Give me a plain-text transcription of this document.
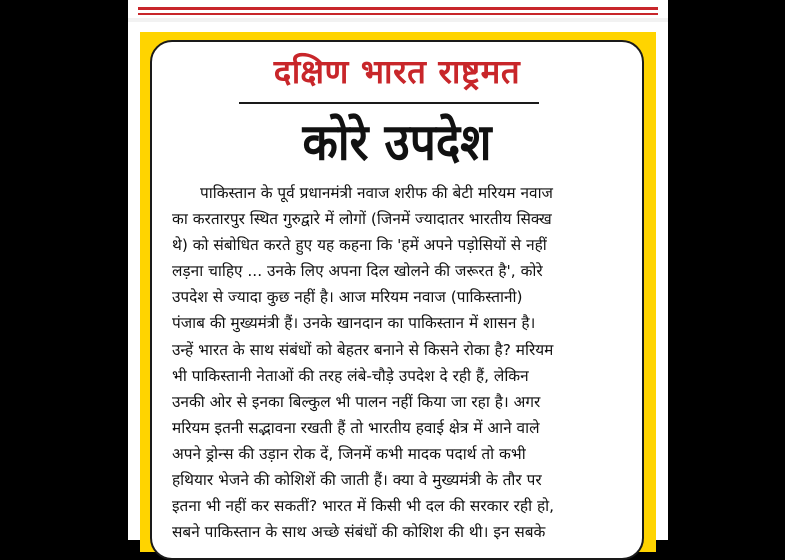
दक्षिण भारत राष्ट्रमत
कोरे उपदेश
पाकिस्तान के पूर्व प्रधानमंत्री नवाज शरीफ की बेटी मरियम नवाज
का करतारपुर स्थित गुरुद्वारे में लोगों (जिनमें ज्यादातर भारतीय सिक्ख
थे) को संबोधित करते हुए यह कहना कि 'हमें अपने पड़ोसियों से नहीं
लड़ना चाहिए ... उनके लिए अपना दिल खोलने की जरूरत है', कोरे
उपदेश से ज्यादा कुछ नहीं है। आज मरियम नवाज (पाकिस्तानी)
पंजाब की मुख्यमंत्री हैं। उनके खानदान का पाकिस्तान में शासन है।
उन्हें भारत के साथ संबंधों को बेहतर बनाने से किसने रोका है? मरियम
भी पाकिस्तानी नेताओं की तरह लंबे-चौड़े उपदेश दे रही हैं, लेकिन
उनकी ओर से इनका बिल्कुल भी पालन नहीं किया जा रहा है। अगर
मरियम इतनी सद्भावना रखती हैं तो भारतीय हवाई क्षेत्र में आने वाले
अपने ड्रोन्स की उड़ान रोक दें, जिनमें कभी मादक पदार्थ तो कभी
हथियार भेजने की कोशिशें की जाती हैं। क्या वे मुख्यमंत्री के तौर पर
इतना भी नहीं कर सकतीं? भारत में किसी भी दल की सरकार रही हो,
सबने पाकिस्तान के साथ अच्छे संबंधों की कोशिश की थी। इन सबके
